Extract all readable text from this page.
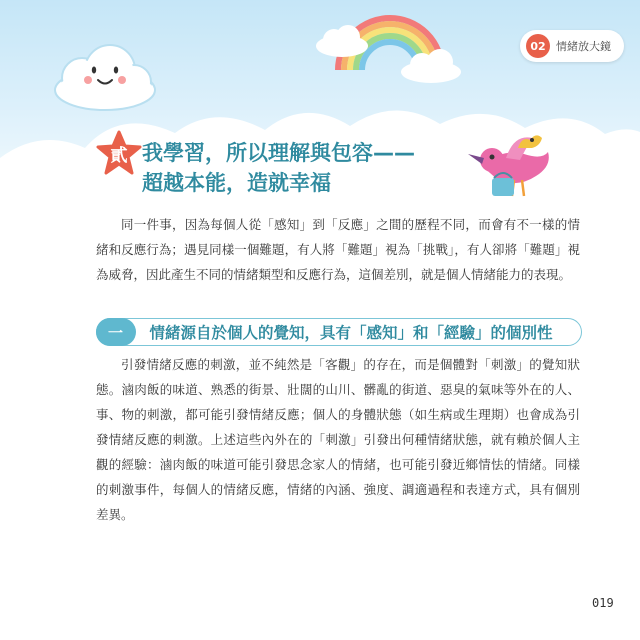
02 情緒放大鏡
貳 我學習，所以理解與包容——
超越本能，造就幸福

同一件事，因為每個人從「感知」到「反應」之間的歷程不同，而會有不一樣的情緒和反應行為；遇見同樣一個難題，有人將「難題」視為「挑戰」，有人卻將「難題」視為威脅，因此產生不同的情緒類型和反應行為，這個差別，就是個人情緒能力的表現。

一	情緒源自於個人的覺知，具有「感知」和「經驗」的個別性

引發情緒反應的刺激，並不純然是「客觀」的存在，而是個體對「刺激」的覺知狀態。滷肉飯的味道、熟悉的街景、壯闊的山川、髒亂的街道、惡臭的氣味等外在的人、事、物的刺激，都可能引發情緒反應；個人的身體狀態（如生病或生理期）也會成為引發情緒反應的刺激。上述這些內外在的「刺激」引發出何種情緒狀態，就有賴於個人主觀的經驗：滷肉飯的味道可能引發思念家人的情緒，也可能引發近鄉情怯的情緒。同樣的刺激事件，每個人的情緒反應，情緒的內涵、強度、調適過程和表達方式，具有個別差異。

019
